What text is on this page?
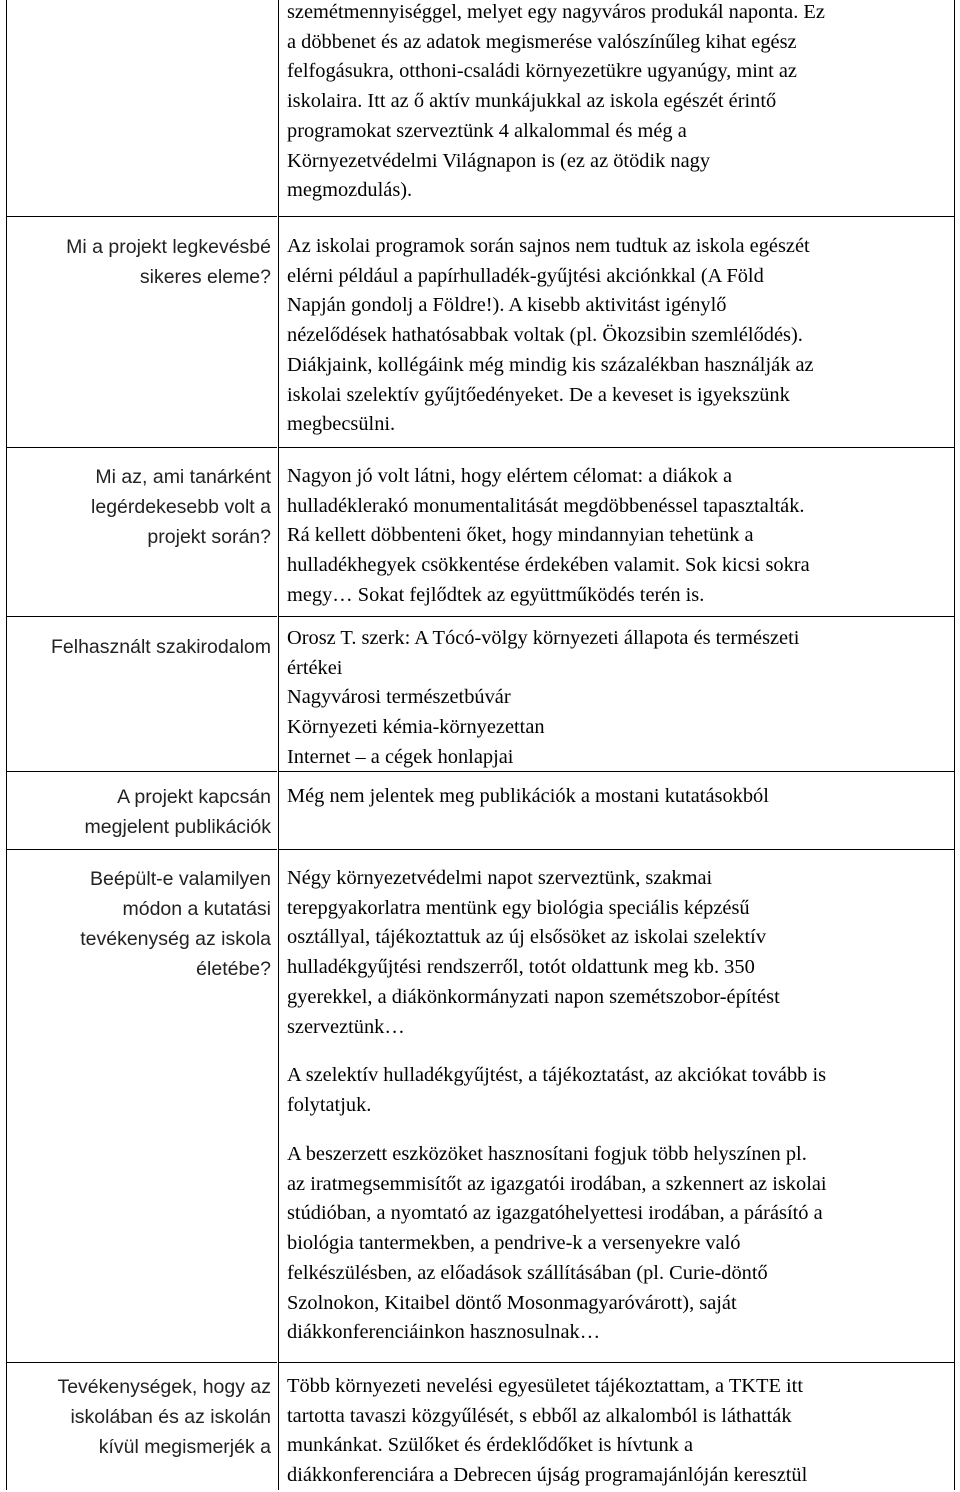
szemétmennyiséggel, melyet egy nagyváros produkál naponta. Ez
a döbbenet és az adatok megismerése valószínűleg kihat egész
felfogásukra, otthoni-családi környezetükre ugyanúgy, mint az
iskolaira. Itt az ő aktív munkájukkal az iskola egészét érintő
programokat szerveztünk 4 alkalommal és még a
Környezetvédelmi Világnapon is (ez az ötödik nagy
megmozdulás).
Mi a projekt legkevésbé
sikeres eleme?
Az iskolai programok során sajnos nem tudtuk az iskola egészét
elérni például a papírhulladék-gyűjtési akciónkkal (A Föld
Napján gondolj a Földre!). A kisebb aktivitást igénylő
nézelődések hathatósabbak voltak (pl. Ökozsibin szemlélődés).
Diákjaink, kollégáink még mindig kis százalékban használják az
iskolai szelektív gyűjtőedényeket. De a keveset is igyekszünk
megbecsülni.
Mi az, ami tanárként
legérdekesebb volt a
projekt során?
Nagyon jó volt látni, hogy elértem célomat: a diákok a
hulladéklerakó monumentalitását megdöbbenéssel tapasztalták.
Rá kellett döbbenteni őket, hogy mindannyian tehetünk a
hulladékhegyek csökkentése érdekében valamit. Sok kicsi sokra
megy… Sokat fejlődtek az együttműködés terén is.
Felhasznált szakirodalom Orosz T. szerk: A Tócó-völgy környezeti állapota és természeti
értékei
Nagyvárosi természetbúvár
Környezeti kémia-környezettan
Internet – a cégek honlapjai
A projekt kapcsán
megjelent publikációk
Még nem jelentek meg publikációk a mostani kutatásokból
Beépült-e valamilyen
módon a kutatási
tevékenység az iskola
életébe?
Négy környezetvédelmi napot szerveztünk, szakmai
terepgyakorlatra mentünk egy biológia speciális képzésű
osztállyal, tájékoztattuk az új elsősöket az iskolai szelektív
hulladékgyűjtési rendszerről, totót oldattunk meg kb. 350
gyerekkel, a diákönkormányzati napon szemétszobor-építést
szerveztünk…
A szelektív hulladékgyűjtést, a tájékoztatást, az akciókat tovább is
folytatjuk.
A beszerzett eszközöket hasznosítani fogjuk több helyszínen pl.
az iratmegsemmisítőt az igazgatói irodában, a szkennert az iskolai
stúdióban, a nyomtató az igazgatóhelyettesi irodában, a párásító a
biológia tantermekben, a pendrive-k a versenyekre való
felkészülésben, az előadások szállításában (pl. Curie-döntő
Szolnokon, Kitaibel döntő Mosonmagyaróvárott), saját
diákkonferenciáinkon hasznosulnak…
Tevékenységek, hogy az
iskolában és az iskolán
kívül megismerjék a
Több környezeti nevelési egyesületet tájékoztattam, a TKTE itt
tartotta tavaszi közgyűlését, s ebből az alkalomból is láthatták
munkánkat. Szülőket és érdeklődőket is hívtunk a
diákkonferenciára a Debrecen újság programajánlóján keresztül
